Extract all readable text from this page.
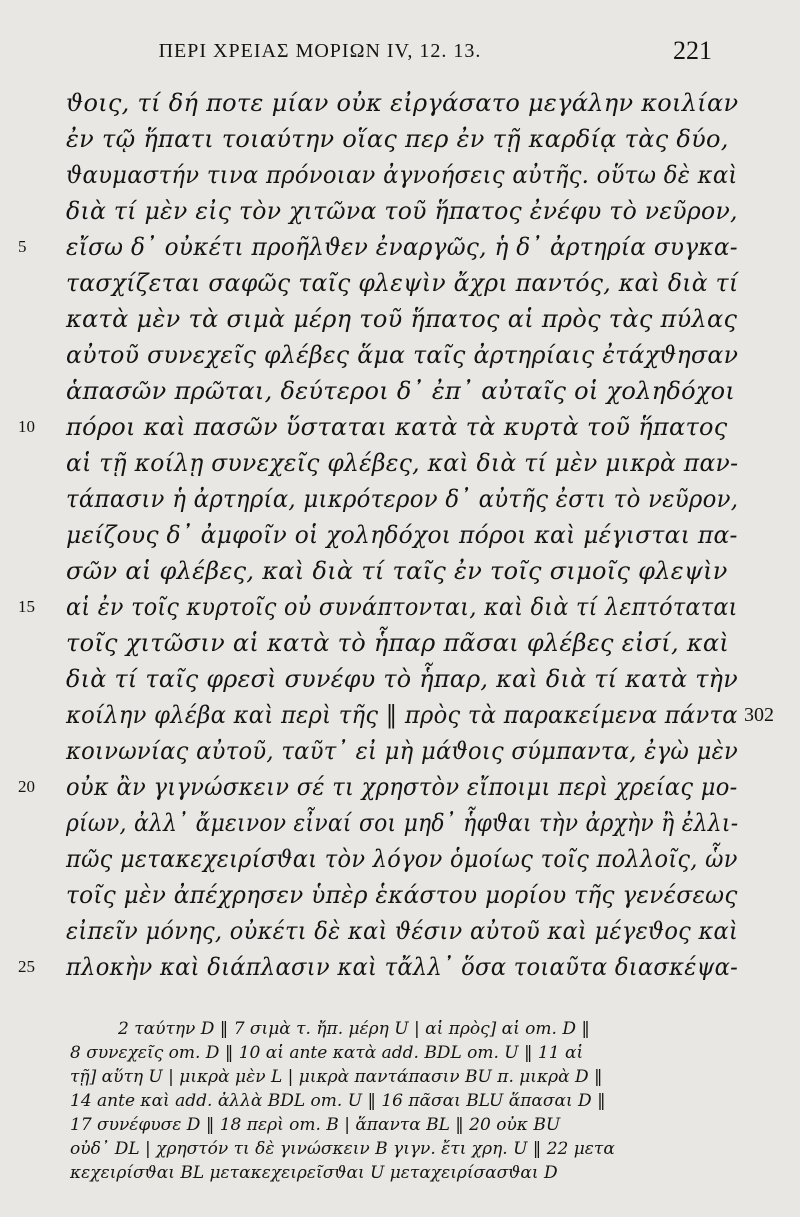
ΠΕΡΙ ΧΡΕΙΑΣ ΜΟΡΙΩΝ IV, 12. 13.	221
ϑοις, τί δή ποτε μίαν οὐκ εἰργάσατο μεγάλην κοιλίαν
ἐν τῷ ἥπατι τοιαύτην οἵας περ ἐν τῇ καρδίᾳ τὰς δύο,
ϑαυμαστήν τινα πρόνοιαν ἀγνοήσεις αὐτῆς. οὕτω δὲ καὶ
διὰ τί μὲν εἰς τὸν χιτῶνα τοῦ ἥπατος ἐνέφυ τὸ νεῦρον,
εἴσω δ᾽ οὐκέτι προῆλϑεν ἐναργῶς, ἡ δ᾽ ἀρτηρία συγκα-
τασχίζεται σαφῶς ταῖς φλεψὶν ἄχρι παντός, καὶ διὰ τί
κατὰ μὲν τὰ σιμὰ μέρη τοῦ ἥπατος αἱ πρὸς τὰς πύλας
αὐτοῦ συνεχεῖς φλέβες ἅμα ταῖς ἀρτηρίαις ἐτάχϑησαν
ἁπασῶν πρῶται, δεύτεροι δ᾽ ἐπ᾽ αὐταῖς οἱ χοληδόχοι
πόροι καὶ πασῶν ὕσταται κατὰ τὰ κυρτὰ τοῦ ἥπατος
αἱ τῇ κοίλῃ συνεχεῖς φλέβες, καὶ διὰ τί μὲν μικρὰ παν-
τάπασιν ἡ ἀρτηρία, μικρότερον δ᾽ αὐτῆς ἐστι τὸ νεῦρον,
μείζους δ᾽ ἀμφοῖν οἱ χοληδόχοι πόροι καὶ μέγισται πα-
σῶν αἱ φλέβες, καὶ διὰ τί ταῖς ἐν τοῖς σιμοῖς φλεψὶν
αἱ ἐν τοῖς κυρτοῖς οὐ συνάπτονται, καὶ διὰ τί λεπτόταται
τοῖς χιτῶσιν αἱ κατὰ τὸ ἧπαρ πᾶσαι φλέβες εἰσί, καὶ
διὰ τί ταῖς φρεσὶ συνέφυ τὸ ἧπαρ, καὶ διὰ τί κατὰ τὴν
κοίλην φλέβα καὶ περὶ τῆς ‖ πρὸς τὰ παρακείμενα πάντα
κοινωνίας αὐτοῦ, ταῦτ᾽ εἰ μὴ μάϑοις σύμπαντα, ἐγὼ μὲν
οὐκ ἂν γιγνώσκειν σέ τι χρηστὸν εἴποιμι περὶ χρείας μο-
ρίων, ἀλλ᾽ ἄμεινον εἶναί σοι μηδ᾽ ἧφϑαι τὴν ἀρχὴν ἢ ἐλλι-
πῶς μετακεχειρίσϑαι τὸν λόγον ὁμοίως τοῖς πολλοῖς, ὧν
τοῖς μὲν ἀπέχρησεν ὑπὲρ ἑκάστου μορίου τῆς γενέσεως
εἰπεῖν μόνης, οὐκέτι δὲ καὶ ϑέσιν αὐτοῦ καὶ μέγεϑος καὶ
πλοκὴν καὶ διάπλασιν καὶ τἄλλ᾽ ὅσα τοιαῦτα διασκέψα-
5
10
15
20
25
302
2 ταύτην D ‖ 7 σιμὰ τ. ἤπ. μέρη U | αἱ πρὸς] αἱ om. D ‖
8 συνεχεῖς om. D ‖ 10 αἱ ante κατὰ add. BDL om. U ‖ 11 αἱ
τῇ] αὕτη U | μικρὰ μὲν L | μικρὰ παντάπασιν BU π. μικρὰ D ‖
14 ante καὶ add. ἀλλὰ BDL om. U ‖ 16 πᾶσαι BLU ἅπασαι D ‖
17 συνέφυσε D ‖ 18 περὶ om. B | ἅπαντα BL ‖ 20 οὐκ BU
οὐδ᾽ DL | χρηστόν τι δὲ γινώσκειν B γιγν. ἔτι χρη. U ‖ 22 μετα
κεχειρίσϑαι BL μετακεχειρεῖσϑαι U μεταχειρίσασϑαι D
